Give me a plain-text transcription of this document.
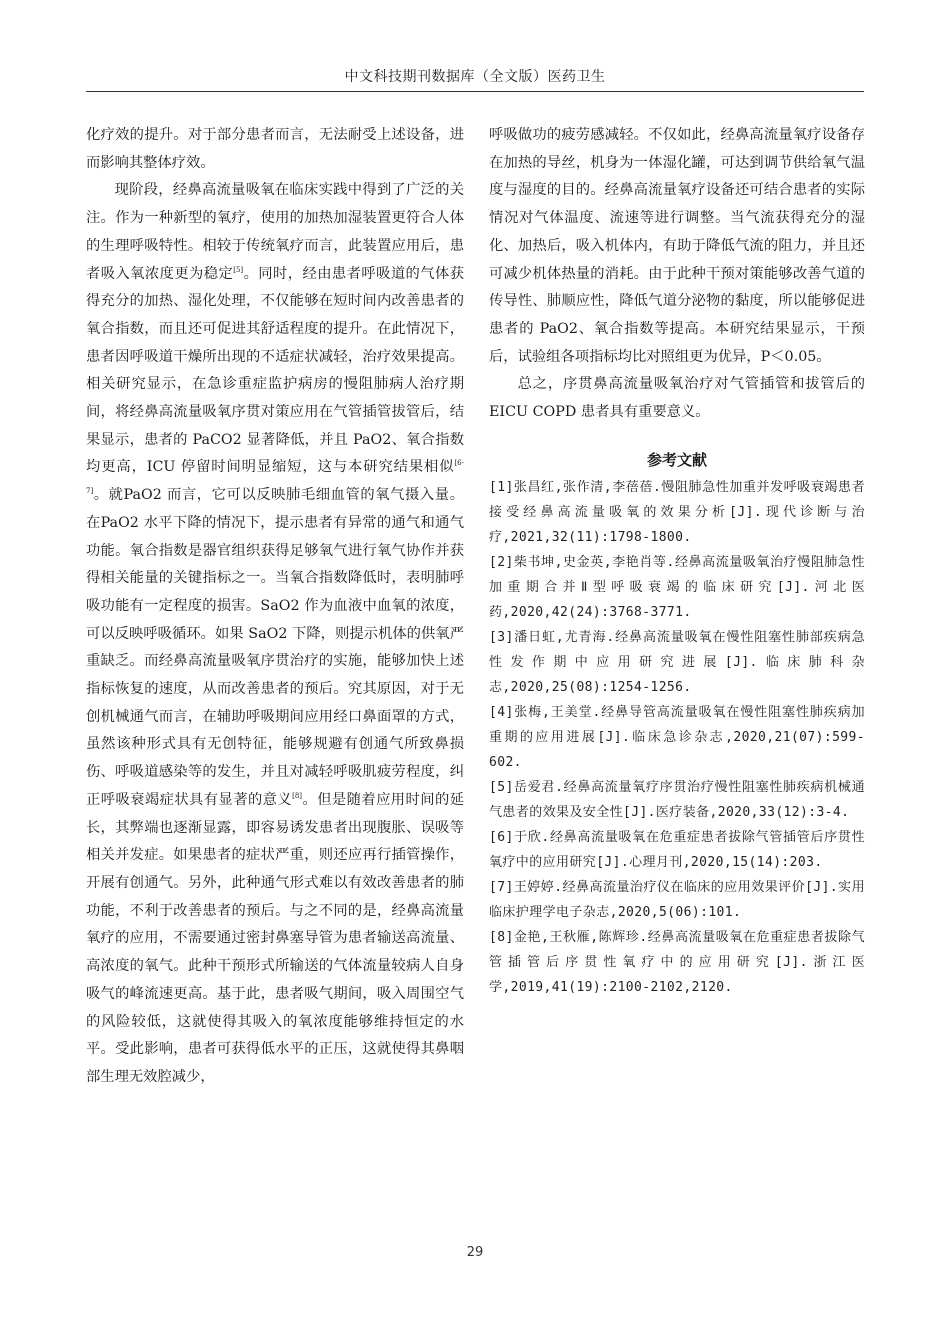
中文科技期刊数据库（全文版）医药卫生

化疗效的提升。对于部分患者而言，无法耐受上述设备，进而影响其整体疗效。

现阶段，经鼻高流量吸氧在临床实践中得到了广泛的关注。作为一种新型的氧疗，使用的加热加湿装置更符合人体的生理呼吸特性。相较于传统氧疗而言，此装置应用后，患者吸入氧浓度更为稳定[5]。同时，经由患者呼吸道的气体获得充分的加热、湿化处理，不仅能够在短时间内改善患者的氧合指数，而且还可促进其舒适程度的提升。在此情况下，患者因呼吸道干燥所出现的不适症状减轻，治疗效果提高。相关研究显示，在急诊重症监护病房的慢阻肺病人治疗期间，将经鼻高流量吸氧序贯对策应用在气管插管拔管后，结果显示，患者的 PaCO2 显著降低，并且 PaO2、氧合指数均更高，ICU 停留时间明显缩短，这与本研究结果相似[6-7]。就PaO2 而言，它可以反映肺毛细血管的氧气摄入量。在PaO2 水平下降的情况下，提示患者有异常的通气和通气功能。氧合指数是器官组织获得足够氧气进行氧气协作并获得相关能量的关键指标之一。当氧合指数降低时，表明肺呼吸功能有一定程度的损害。SaO2 作为血液中血氧的浓度，可以反映呼吸循环。如果 SaO2 下降，则提示机体的供氧严重缺乏。而经鼻高流量吸氧序贯治疗的实施，能够加快上述指标恢复的速度，从而改善患者的预后。究其原因，对于无创机械通气而言，在辅助呼吸期间应用经口鼻面罩的方式，虽然该种形式具有无创特征，能够规避有创通气所致鼻损伤、呼吸道感染等的发生，并且对减轻呼吸肌疲劳程度，纠正呼吸衰竭症状具有显著的意义[8]。但是随着应用时间的延长，其弊端也逐渐显露，即容易诱发患者出现腹胀、误吸等相关并发症。如果患者的症状严重，则还应再行插管操作，开展有创通气。另外，此种通气形式难以有效改善患者的肺功能，不利于改善患者的预后。与之不同的是，经鼻高流量氧疗的应用，不需要通过密封鼻塞导管为患者输送高流量、高浓度的氧气。此种干预形式所输送的气体流量较病人自身吸气的峰流速更高。基于此，患者吸气期间，吸入周围空气的风险较低，这就使得其吸入的氧浓度能够维持恒定的水平。受此影响，患者可获得低水平的正压，这就使得其鼻咽部生理无效腔减少，

呼吸做功的疲劳感减轻。不仅如此，经鼻高流量氧疗设备存在加热的导丝，机身为一体湿化罐，可达到调节供给氧气温度与湿度的目的。经鼻高流量氧疗设备还可结合患者的实际情况对气体温度、流速等进行调整。当气流获得充分的湿化、加热后，吸入机体内，有助于降低气流的阻力，并且还可减少机体热量的消耗。由于此种干预对策能够改善气道的传导性、肺顺应性，降低气道分泌物的黏度，所以能够促进患者的 PaO2、氧合指数等提高。本研究结果显示，干预后，试验组各项指标均比对照组更为优异，P＜0.05。

总之，序贯鼻高流量吸氧治疗对气管插管和拔管后的 EICU COPD 患者具有重要意义。

参考文献

[1]张昌红,张作清,李蓓蓓.慢阻肺急性加重并发呼吸衰竭患者接受经鼻高流量吸氧的效果分析[J].现代诊断与治疗,2021,32(11):1798-1800.

[2]柴书坤,史金英,李艳肖等.经鼻高流量吸氧治疗慢阻肺急性加重期合并Ⅱ型呼吸衰竭的临床研究[J].河北医药,2020,42(24):3768-3771.

[3]潘日虹,尤青海.经鼻高流量吸氧在慢性阻塞性肺部疾病急性发作期中应用研究进展[J].临床肺科杂志,2020,25(08):1254-1256.

[4]张梅,王美堂.经鼻导管高流量吸氧在慢性阻塞性肺疾病加重期的应用进展[J].临床急诊杂志,2020,21(07):599-602.

[5]岳爱君.经鼻高流量氧疗序贯治疗慢性阻塞性肺疾病机械通气患者的效果及安全性[J].医疗装备,2020,33(12):3-4.

[6]于欣.经鼻高流量吸氧在危重症患者拔除气管插管后序贯性氧疗中的应用研究[J].心理月刊,2020,15(14):203.

[7]王婷婷.经鼻高流量治疗仪在临床的应用效果评价[J].实用临床护理学电子杂志,2020,5(06):101.

[8]金艳,王秋雁,陈辉珍.经鼻高流量吸氧在危重症患者拔除气管插管后序贯性氧疗中的应用研究[J].浙江医学,2019,41(19):2100-2102,2120.

29
